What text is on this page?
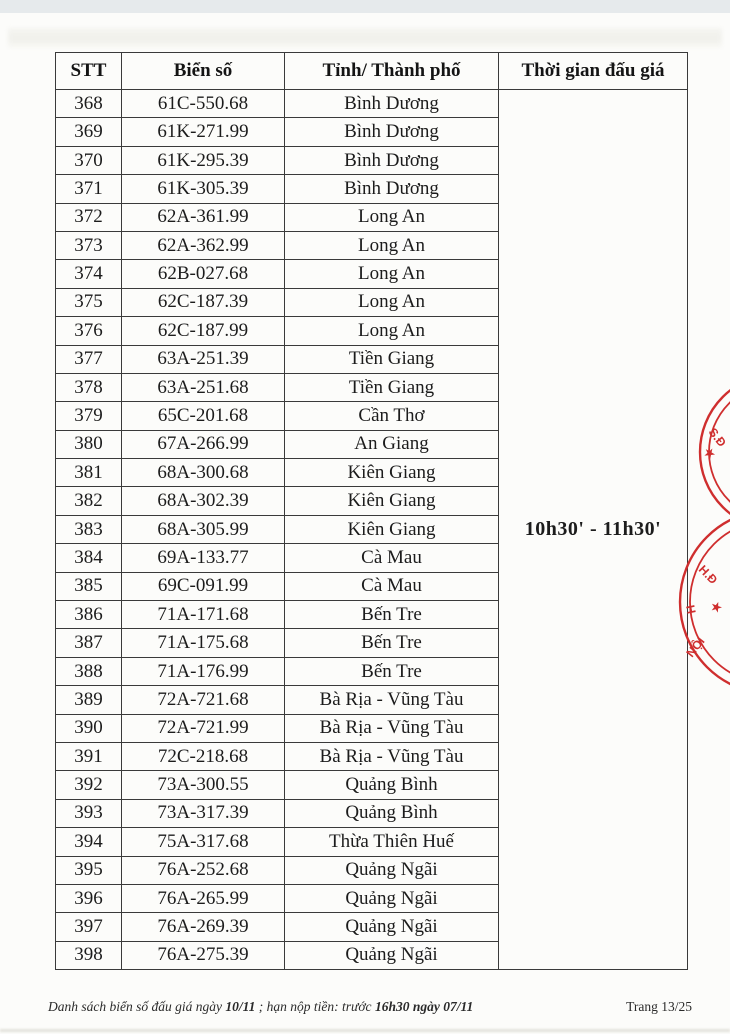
STT	Biển số	Tỉnh/ Thành phố	Thời gian đấu giá
368	61C-550.68	Bình Dương	10h30' - 11h30'
369	61K-271.99	Bình Dương	
370	61K-295.39	Bình Dương	
371	61K-305.39	Bình Dương	
372	62A-361.99	Long An	
373	62A-362.99	Long An	
374	62B-027.68	Long An	
375	62C-187.39	Long An	
376	62C-187.99	Long An	
377	63A-251.39	Tiền Giang	
378	63A-251.68	Tiền Giang	
379	65C-201.68	Cần Thơ	
380	67A-266.99	An Giang	
381	68A-300.68	Kiên Giang	
382	68A-302.39	Kiên Giang	
383	68A-305.99	Kiên Giang	
384	69A-133.77	Cà Mau	
385	69C-091.99	Cà Mau	
386	71A-171.68	Bến Tre	
387	71A-175.68	Bến Tre	
388	71A-176.99	Bến Tre	
389	72A-721.68	Bà Rịa - Vũng Tàu	
390	72A-721.99	Bà Rịa - Vũng Tàu	
391	72C-218.68	Bà Rịa - Vũng Tàu	
392	73A-300.55	Quảng Bình	
393	73A-317.39	Quảng Bình	
394	75A-317.68	Thừa Thiên Huế	
395	76A-252.68	Quảng Ngãi	
396	76A-265.99	Quảng Ngãi	
397	76A-269.39	Quảng Ngãi	
398	76A-275.39	Quảng Ngãi	
S.Đ
★
H.Đ
H ★
NỘI
Danh sách biển số đấu giá ngày 10/11 ; hạn nộp tiền: trước 16h30 ngày 07/11	Trang 13/25
